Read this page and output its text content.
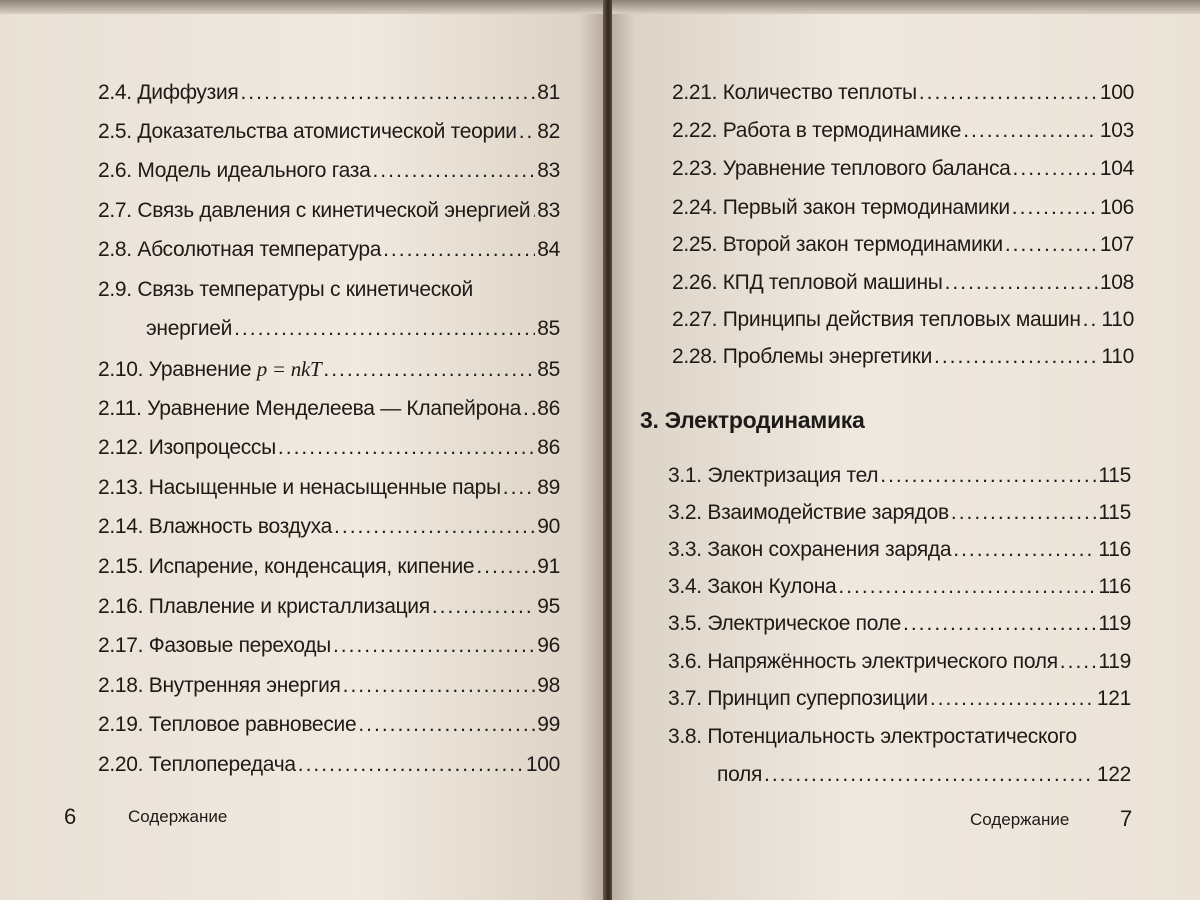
2.4. Диффузия .....	81
2.5. Доказательства атомистической теории ..... 82
2.6. Модель идеального газа .....	83
2.7. Связь давления с кинетической энергией ..... 83
2.8. Абсолютная температура .....	84
2.9. Связь температуры с кинетической
энергией .....	85
2.10. Уравнение p = nkT .....	85
2.11. Уравнение Менделеева — Клапейрона ..... 86
2.12. Изопроцессы .....	86
2.13. Насыщенные и ненасыщенные пары ..... 89
2.14. Влажность воздуха .....	90
2.15. Испарение, конденсация, кипение .....	91
2.16. Плавление и кристаллизация .....	95
2.17. Фазовые переходы .....	96
2.18. Внутренняя энергия .....	98
2.19. Тепловое равновесие .....	99
2.20. Теплопередача .....	100
6	Содержание
2.21. Количество теплоты .....	100
2.22. Работа в термодинамике .....	103
2.23. Уравнение теплового баланса .....	104
2.24. Первый закон термодинамики .....	106
2.25. Второй закон термодинамики .....	107
2.26. КПД тепловой машины .....	108
2.27. Принципы действия тепловых машин ..... 110
2.28. Проблемы энергетики .....	110
3. Электродинамика
3.1. Электризация тел .....	115
3.2. Взаимодействие зарядов .....	115
3.3. Закон сохранения заряда .....	116
3.4. Закон Кулона .....	116
3.5. Электрическое поле .....	119
3.6. Напряжённость электрического поля ..... 119
3.7. Принцип суперпозиции .....	121
3.8. Потенциальность электростатического
поля .....	122
Содержание 7
